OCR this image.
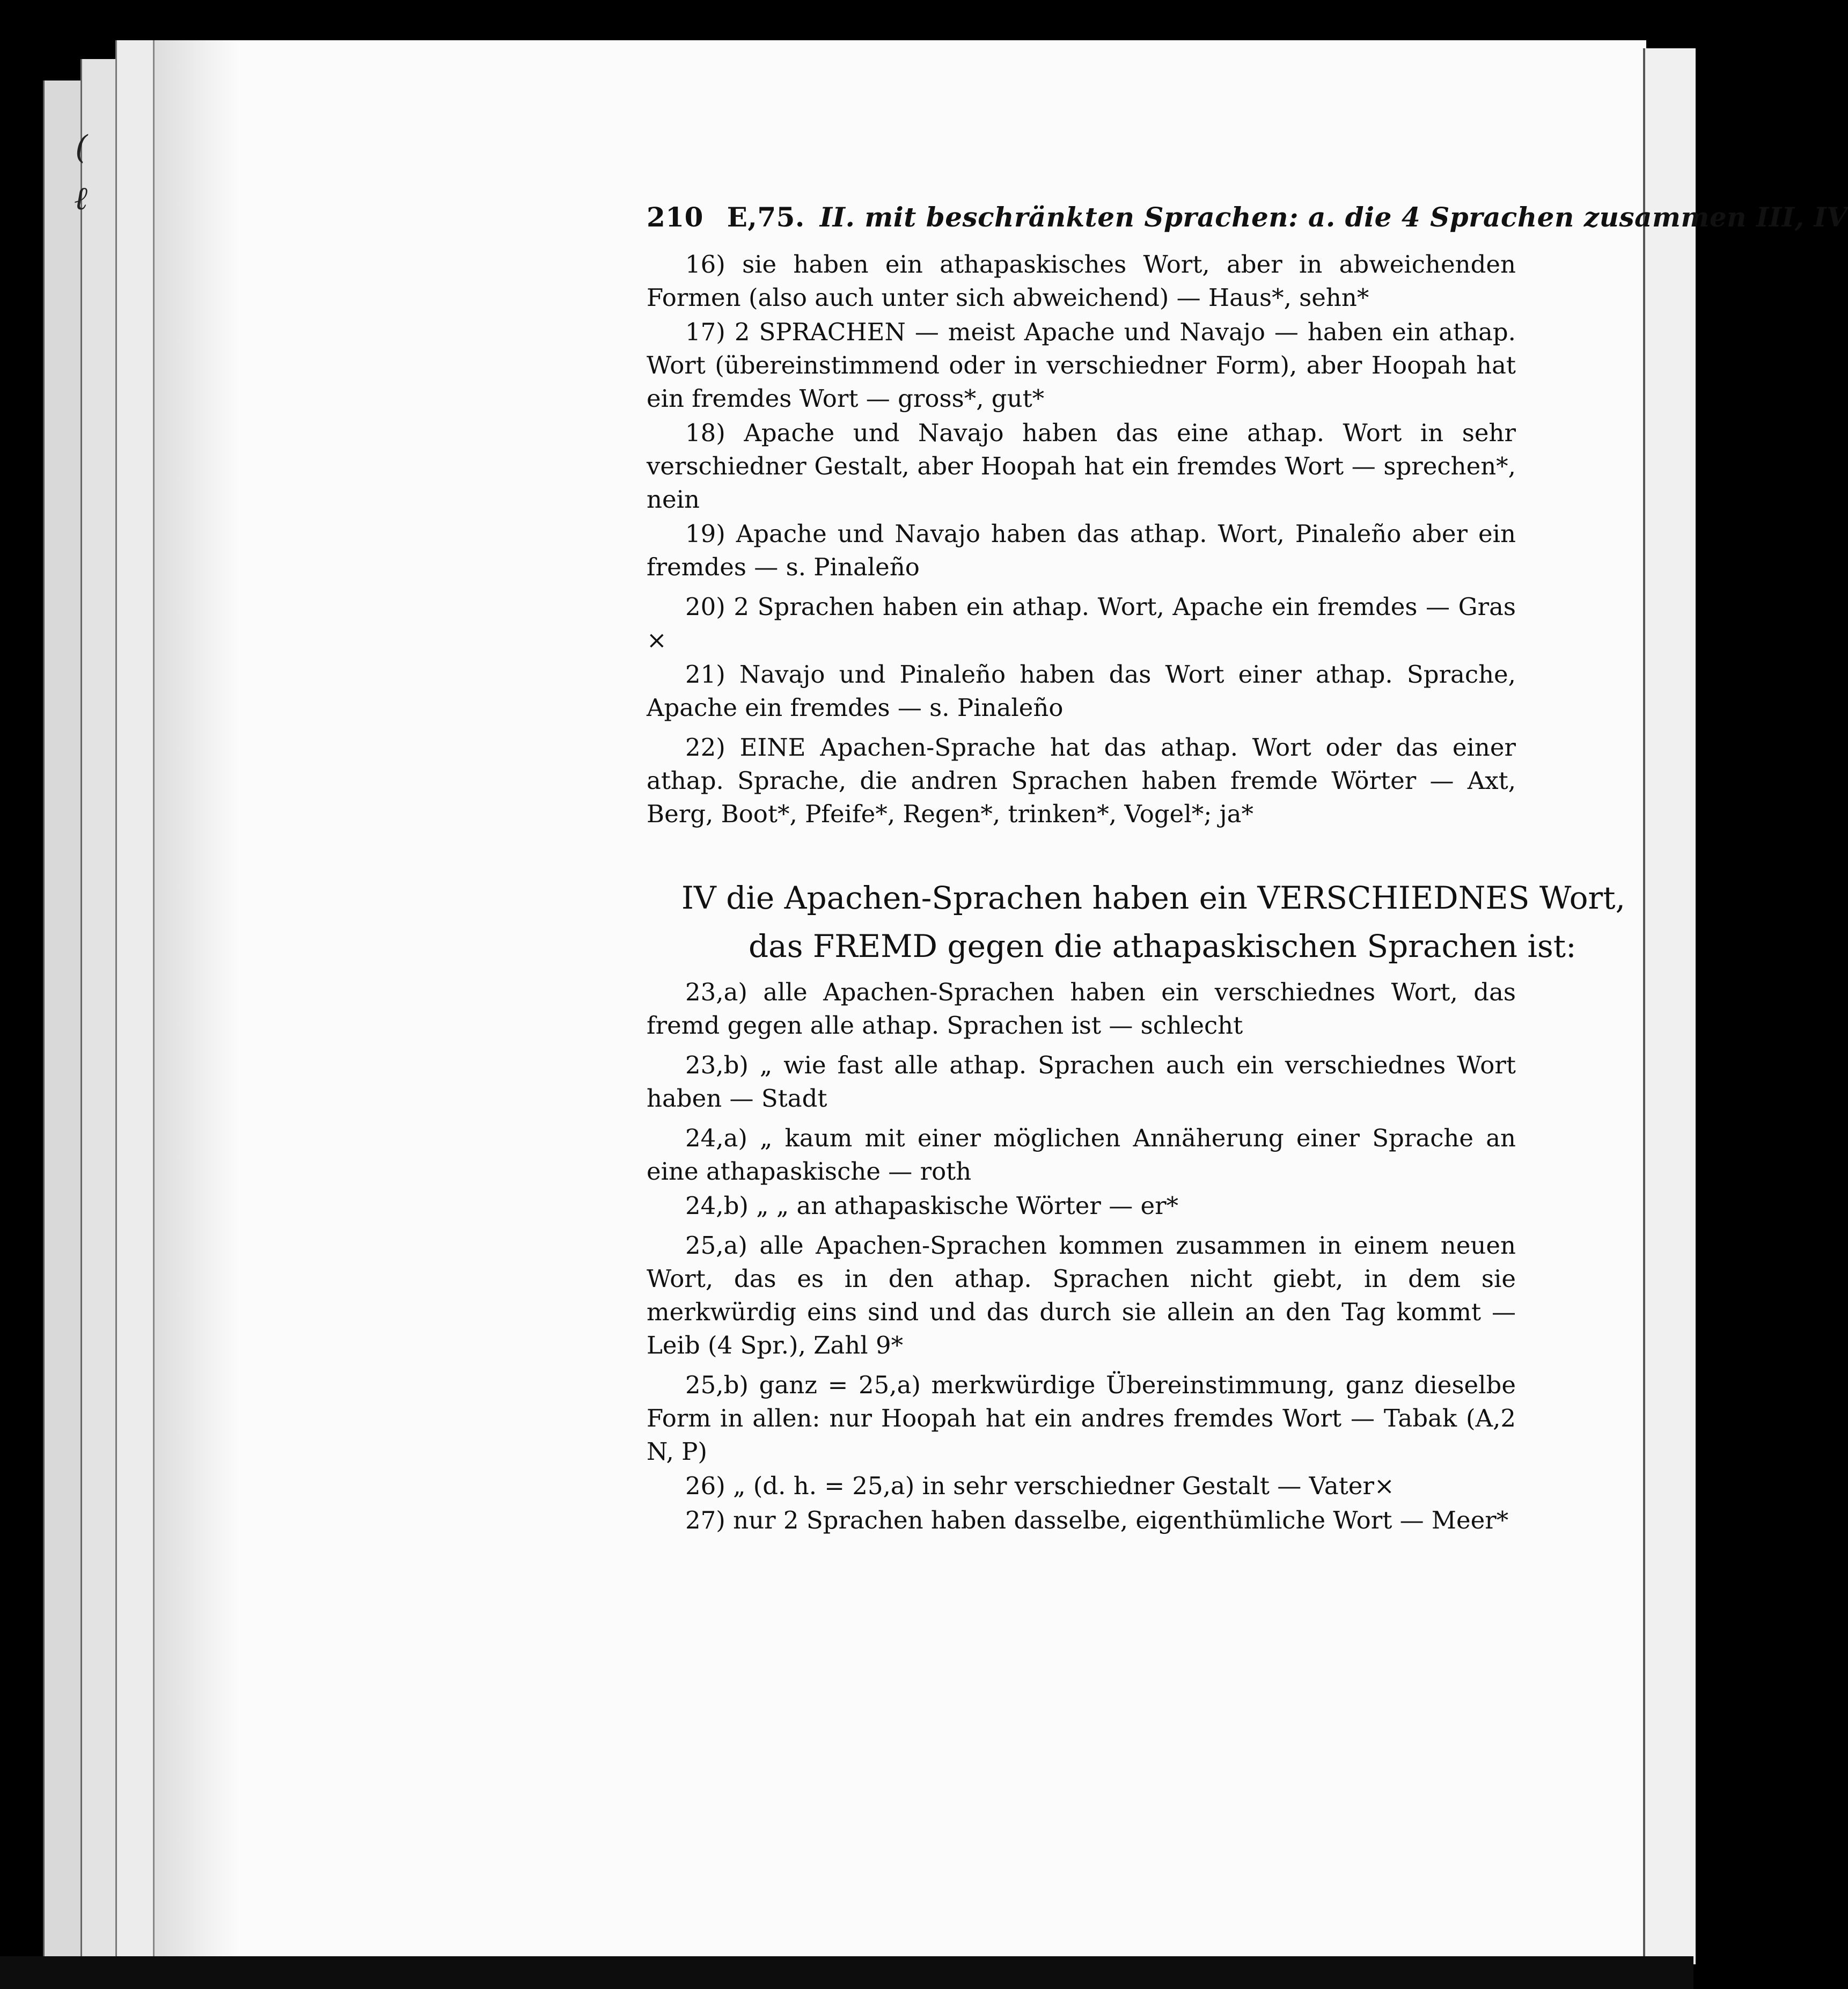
(
ℓ	210 E,75. II. mit beschränkten Sprachen: a. die 4 Sprachen zusammen III, IV

16) sie haben ein athapaskisches Wort, aber in abweichenden Formen (also auch unter sich abweichend) — Haus*, sehn*

17) 2 SPRACHEN — meist Apache und Navajo — haben ein athap. Wort (übereinstimmend oder in verschiedner Form), aber Hoopah hat ein fremdes Wort — gross*, gut*

18) Apache und Navajo haben das eine athap. Wort in sehr verschiedner Gestalt, aber Hoopah hat ein fremdes Wort — sprechen*, nein

19) Apache und Navajo haben das athap. Wort, Pinaleño aber ein fremdes — s. Pinaleño

20) 2 Sprachen haben ein athap. Wort, Apache ein fremdes — Gras ×

21) Navajo und Pinaleño haben das Wort einer athap. Sprache, Apache ein fremdes — s. Pinaleño

22) EINE Apachen-Sprache hat das athap. Wort oder das einer athap. Sprache, die andren Sprachen haben fremde Wörter — Axt, Berg, Boot*, Pfeife*, Regen*, trinken*, Vogel*; ja*

IV die Apachen-Sprachen haben ein VERSCHIEDNES Wort,
das FREMD gegen die athapaskischen Sprachen ist:

23,a) alle Apachen-Sprachen haben ein verschiednes Wort, das fremd gegen alle athap. Sprachen ist — schlecht

23,b) „ wie fast alle athap. Sprachen auch ein verschiednes Wort haben — Stadt

24,a) „ kaum mit einer möglichen Annäherung einer Sprache an eine athapaskische — roth

24,b) „ „ an athapaskische Wörter — er*

25,a) alle Apachen-Sprachen kommen zusammen in einem neuen Wort, das es in den athap. Sprachen nicht giebt, in dem sie merkwürdig eins sind und das durch sie allein an den Tag kommt — Leib (4 Spr.), Zahl 9*

25,b) ganz = 25,a) merkwürdige Übereinstimmung, ganz dieselbe Form in allen: nur Hoopah hat ein andres fremdes Wort — Tabak (A,2 N, P)

26) „ (d. h. = 25,a) in sehr verschiedner Gestalt — Vater×

27) nur 2 Sprachen haben dasselbe, eigenthümliche Wort — Meer*
